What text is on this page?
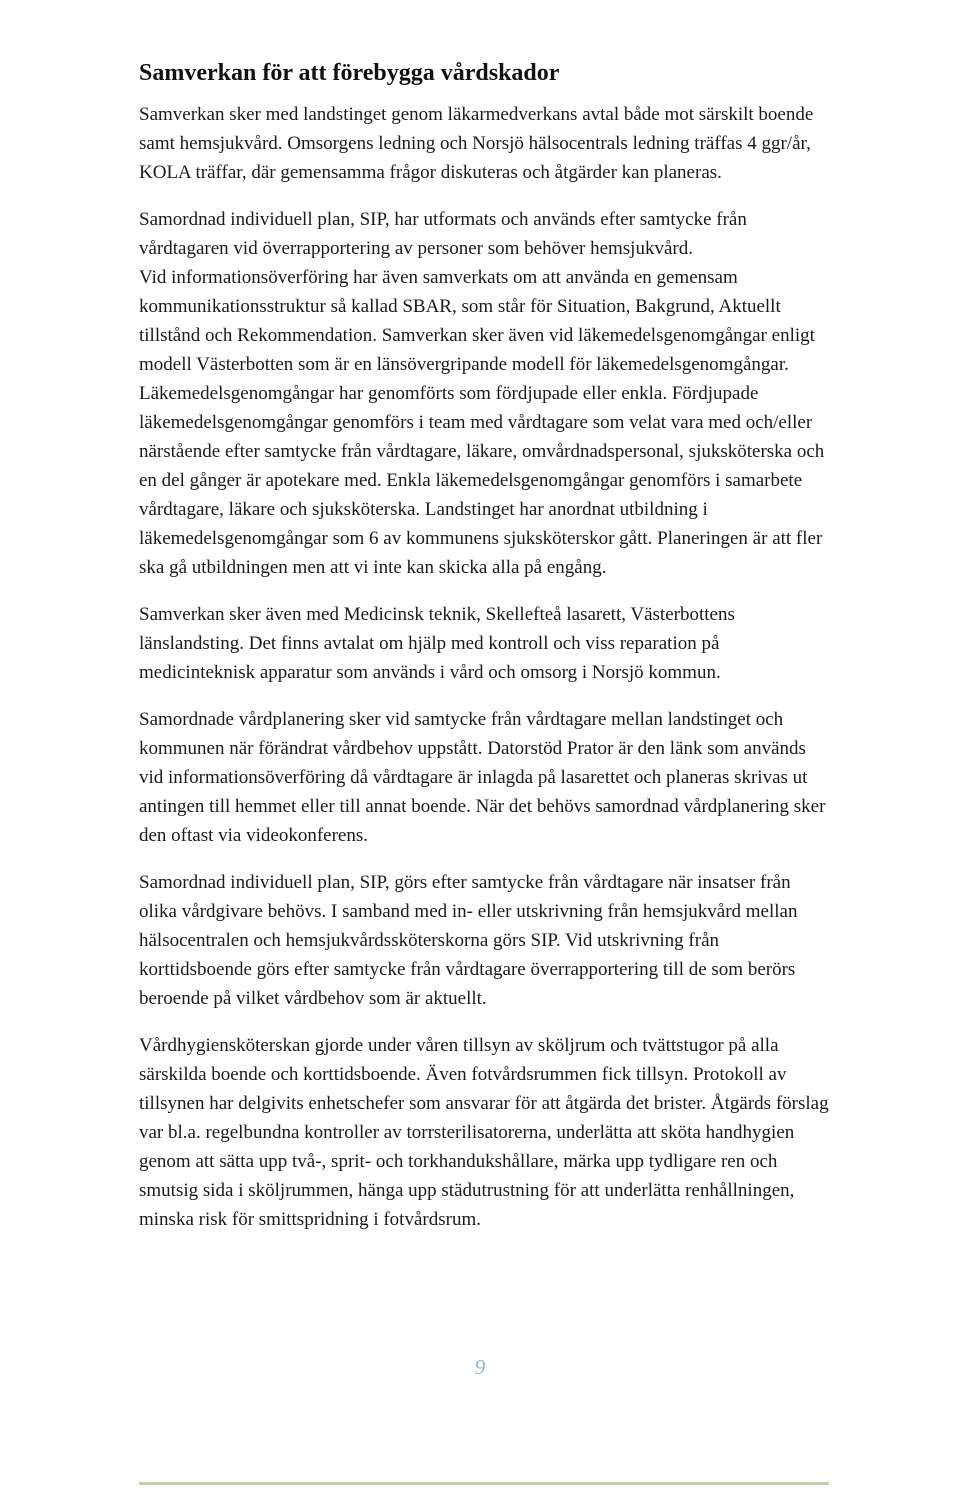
Samverkan för att förebygga vårdskador

Samverkan sker med landstinget genom läkarmedverkans avtal både mot särskilt boende samt hemsjukvård. Omsorgens ledning och Norsjö hälsocentrals ledning träffas 4 ggr/år, KOLA träffar, där gemensamma frågor diskuteras och åtgärder kan planeras.

Samordnad individuell plan, SIP, har utformats och används efter samtycke från vårdtagaren vid överrapportering av personer som behöver hemsjukvård.

Vid informationsöverföring har även samverkats om att använda en gemensam kommunikationsstruktur så kallad SBAR, som står för Situation, Bakgrund, Aktuellt tillstånd och Rekommendation. Samverkan sker även vid läkemedelsgenomgångar enligt modell Västerbotten som är en länsövergripande modell för läkemedelsgenomgångar. Läkemedelsgenomgångar har genomförts som fördjupade eller enkla. Fördjupade läkemedelsgenomgångar genomförs i team med vårdtagare som velat vara med och/eller närstående efter samtycke från vårdtagare, läkare, omvårdnadspersonal, sjuksköterska och en del gånger är apotekare med. Enkla läkemedelsgenomgångar genomförs i samarbete vårdtagare, läkare och sjuksköterska. Landstinget har anordnat utbildning i läkemedelsgenomgångar som 6 av kommunens sjuksköterskor gått. Planeringen är att fler ska gå utbildningen men att vi inte kan skicka alla på engång.

Samverkan sker även med Medicinsk teknik, Skellefteå lasarett, Västerbottens länslandsting. Det finns avtalat om hjälp med kontroll och viss reparation på medicinteknisk apparatur som används i vård och omsorg i Norsjö kommun.

Samordnade vårdplanering sker vid samtycke från vårdtagare mellan landstinget och kommunen när förändrat vårdbehov uppstått. Datorstöd Prator är den länk som används vid informationsöverföring då vårdtagare är inlagda på lasarettet och planeras skrivas ut antingen till hemmet eller till annat boende. När det behövs samordnad vårdplanering sker den oftast via videokonferens.

Samordnad individuell plan, SIP, görs efter samtycke från vårdtagare när insatser från olika vårdgivare behövs. I samband med in- eller utskrivning från hemsjukvård mellan hälsocentralen och hemsjukvårdssköterskorna görs SIP. Vid utskrivning från korttidsboende görs efter samtycke från vårdtagare överrapportering till de som berörs beroende på vilket vårdbehov som är aktuellt.

Vårdhygiensköterskan gjorde under våren tillsyn av sköljrum och tvättstugor på alla särskilda boende och korttidsboende. Även fotvårdsrummen fick tillsyn. Protokoll av tillsynen har delgivits enhetschefer som ansvarar för att åtgärda det brister. Åtgärds förslag var bl.a. regelbundna kontroller av torrsterilisatorerna, underlätta att sköta handhygien genom att sätta upp två-, sprit- och torkhandukshållare, märka upp tydligare ren och smutsig sida i sköljrummen, hänga upp städutrustning för att underlätta renhållningen, minska risk för smittspridning i fotvårdsrum.

9
